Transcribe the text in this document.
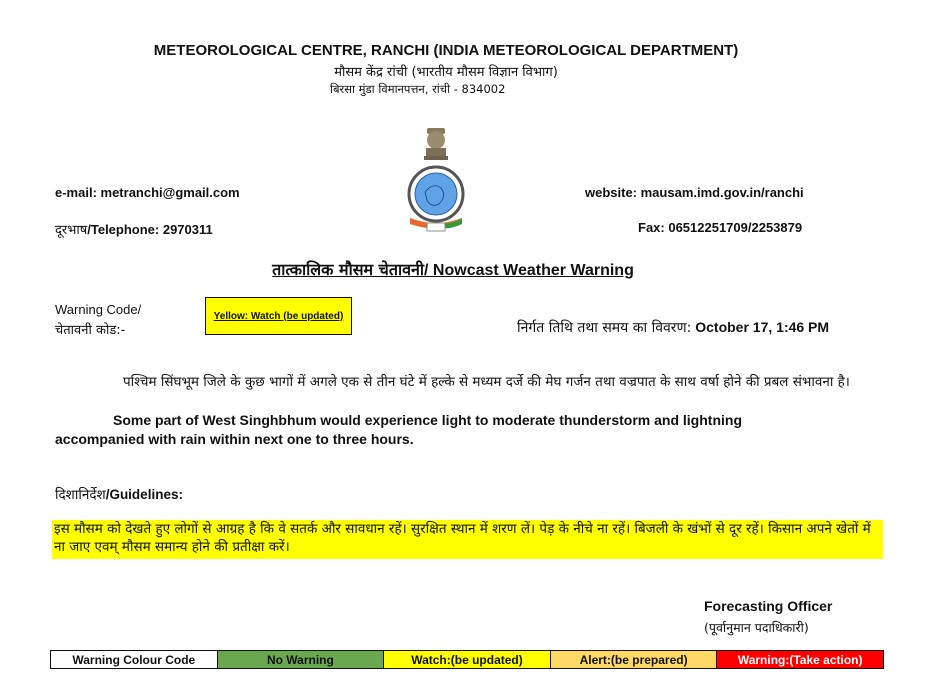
METEOROLOGICAL CENTRE, RANCHI (INDIA METEOROLOGICAL DEPARTMENT)
मौसम केंद्र रांची (भारतीय मौसम विज्ञान विभाग)
बिरसा मुंडा विमानपत्तन, रांची - 834002
e-mail: metranchi@gmail.com	website: mausam.imd.gov.in/ranchi
दूरभाष/Telephone: 2970311	Fax: 06512251709/2253879
तात्कालिक मौसम चेतावनी/ Nowcast Weather Warning
Warning Code/
चेतावनी कोड:-
Yellow: Watch (be updated)
निर्गत तिथि तथा समय का विवरण: October 17, 1:46 PM
पश्चिम सिंघभूम जिले के कुछ भागों में अगले एक से तीन घंटे में हल्के से मध्यम दर्जे की मेघ गर्जन तथा वज्रपात के साथ वर्षा होने की प्रबल संभावना है।
Some part of West Singhbhum would experience light to moderate thunderstorm and lightning accompanied with rain within next one to three hours.
दिशानिर्देश/Guidelines:
इस मौसम को देखते हुए लोगों से आग्रह है कि वे सतर्क और सावधान रहें। सुरक्षित स्थान में शरण लें। पेड़ के नीचे ना रहें। बिजली के खंभों से दूर रहें। किसान अपने खेतों में ना जाए एवम् मौसम समान्य होने की प्रतीक्षा करें।
Forecasting Officer
(पूर्वानुमान पदाधिकारी)
Warning Colour Code	No Warning	Watch:(be updated)	Alert:(be prepared)	Warning:(Take action)
